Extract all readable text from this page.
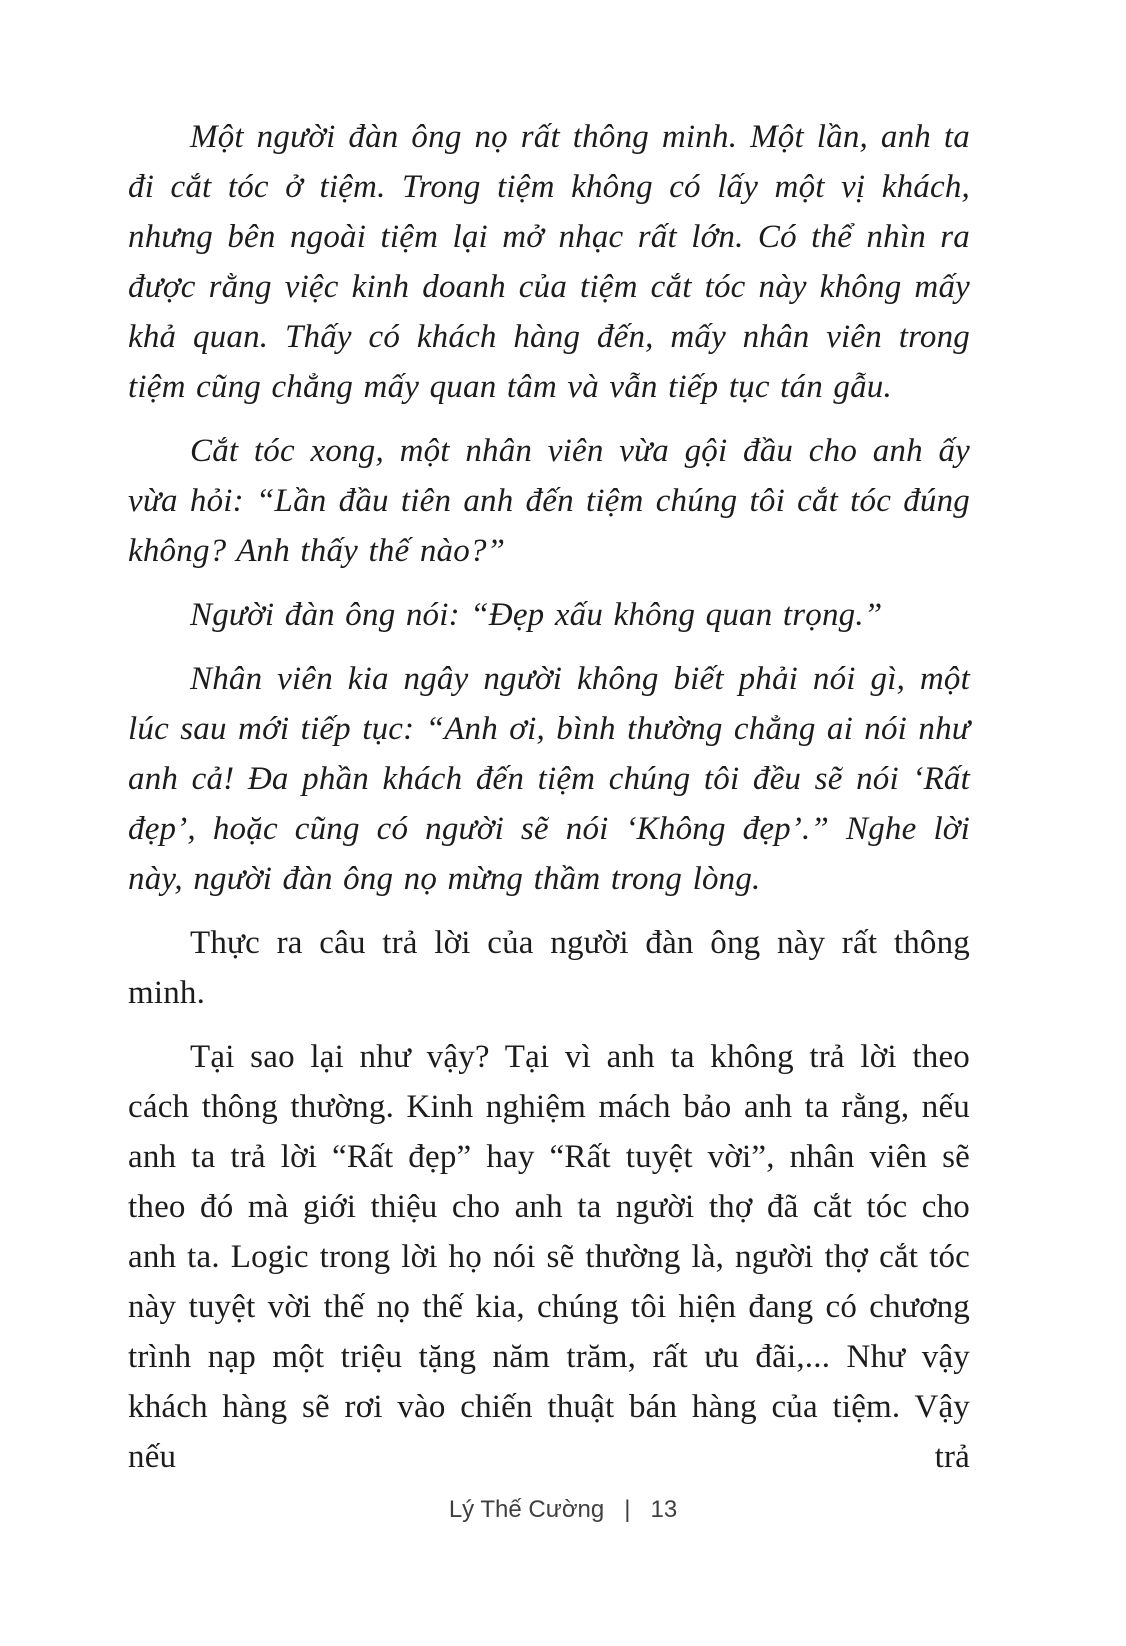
Một người đàn ông nọ rất thông minh. Một lần, anh ta đi cắt tóc ở tiệm. Trong tiệm không có lấy một vị khách, nhưng bên ngoài tiệm lại mở nhạc rất lớn. Có thể nhìn ra được rằng việc kinh doanh của tiệm cắt tóc này không mấy khả quan. Thấy có khách hàng đến, mấy nhân viên trong tiệm cũng chẳng mấy quan tâm và vẫn tiếp tục tán gẫu.

Cắt tóc xong, một nhân viên vừa gội đầu cho anh ấy vừa hỏi: “Lần đầu tiên anh đến tiệm chúng tôi cắt tóc đúng không? Anh thấy thế nào?”

Người đàn ông nói: “Đẹp xấu không quan trọng.”

Nhân viên kia ngây người không biết phải nói gì, một lúc sau mới tiếp tục: “Anh ơi, bình thường chẳng ai nói như anh cả! Đa phần khách đến tiệm chúng tôi đều sẽ nói ‘Rất đẹp’, hoặc cũng có người sẽ nói ‘Không đẹp’.” Nghe lời này, người đàn ông nọ mừng thầm trong lòng.

Thực ra câu trả lời của người đàn ông này rất thông minh.

Tại sao lại như vậy? Tại vì anh ta không trả lời theo cách thông thường. Kinh nghiệm mách bảo anh ta rằng, nếu anh ta trả lời “Rất đẹp” hay “Rất tuyệt vời”, nhân viên sẽ theo đó mà giới thiệu cho anh ta người thợ đã cắt tóc cho anh ta. Logic trong lời họ nói sẽ thường là, người thợ cắt tóc này tuyệt vời thế nọ thế kia, chúng tôi hiện đang có chương trình nạp một triệu tặng năm trăm, rất ưu đãi,... Như vậy khách hàng sẽ rơi vào chiến thuật bán hàng của tiệm. Vậy nếu trả

Lý Thế Cường | 13
